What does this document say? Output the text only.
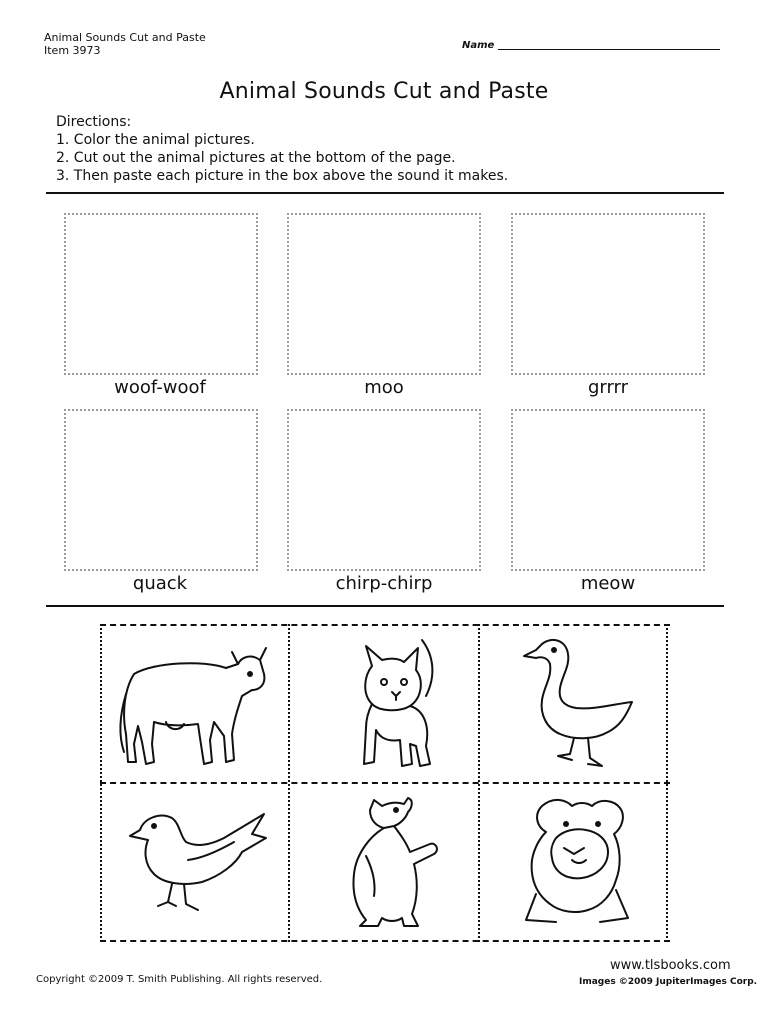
Animal Sounds Cut and Paste
Item 3973	Name
Animal Sounds Cut and Paste
Directions:
1. Color the animal pictures.
2. Cut out the animal pictures at the bottom of the page.
3. Then paste each picture in the box above the sound it makes.
woof-woof	moo	grrrr
quack	chirp-chirp	meow
Copyright ©2009 T. Smith Publishing. All rights reserved.
www.tlsbooks.com
Images ©2009 JupiterImages Corp.
